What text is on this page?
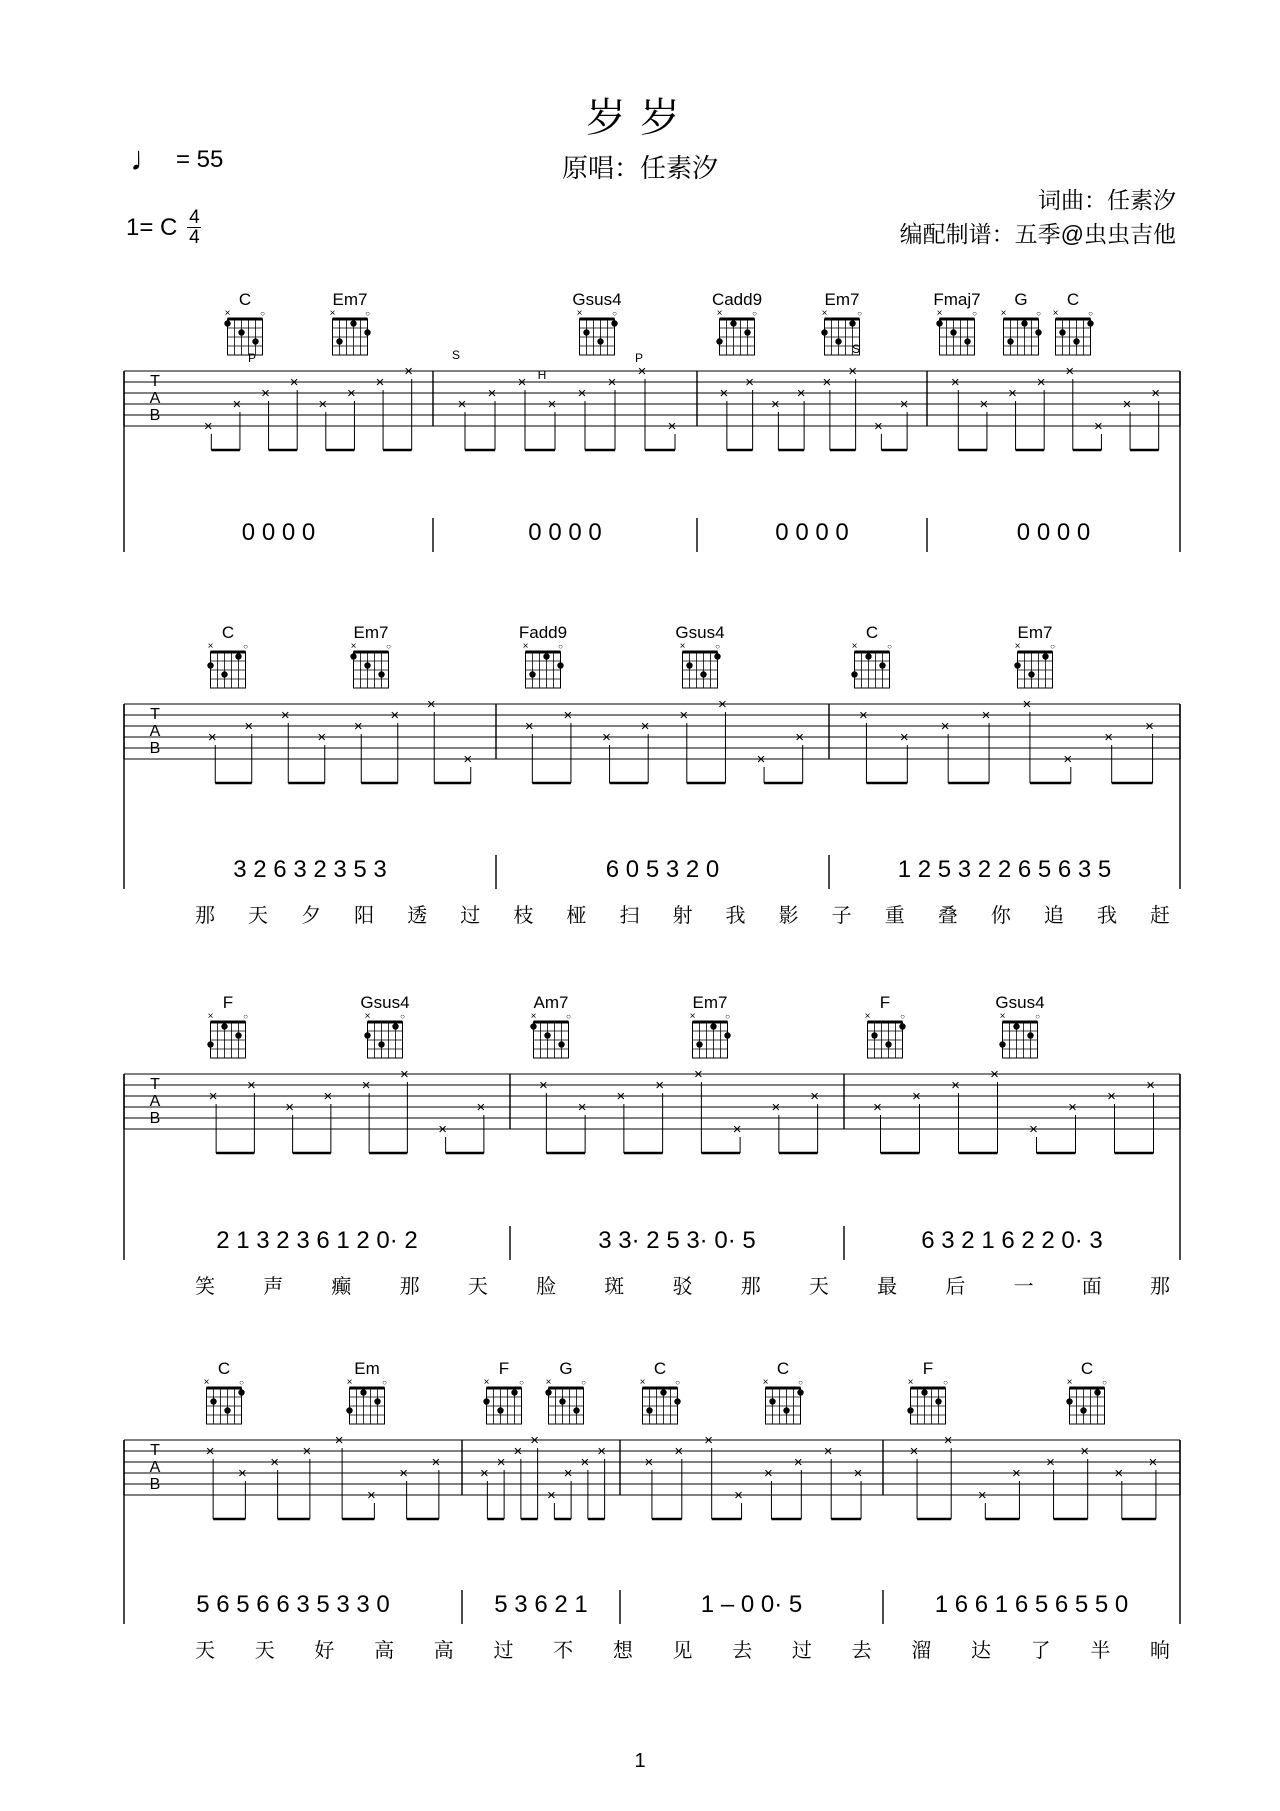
岁岁
原唱：任素汐
♩ = 55
1= C $\frac{4}{4}$
词曲：任素汐
编配制谱：五季@虫虫吉他
C
×	○
Em7
×	○
Gsus4
×	○
Cadd9
×	○
Em7
×	○
Fmaj7
×	○
G
×	○
C
×	○
T
A
B
×
×
×
×
×
×
×
×
×
×
×
×
×
×
×
×
×
×
×
×
×
×
×
×
×
×
×
×
×
×
×
×
P	S
H
P
S
0 0 0 0	0 0 0 0	0 0 0 0	0 0 0 0
C
×	○
Em7
×	○
Fadd9
×	○
Gsus4
×	○
C
×	○
Em7
×	○
T
A
B
×
×
×
×
×
×
×
×
×
×
×
×
×
×
×
×
×
×
×
×
×
×
×
×
3 2 6 3 2 3 5 3	6 0 5 3 2 0	1 2 5 3 2 2 6 5 6 3 5
那 天 夕 阳 透 过 枝 桠 扫 射 我 影 子 重 叠 你 追 我 赶
F
×	○
Gsus4
×	○
Am7
×	○
Em7
×	○
F
×	○
Gsus4
×	○
T
A
B
×
×
×
×
×
×
×
×
×
×
×
×
×
×
×
×
×
×
×
×
×
×
×
×
2 1 3 2 3 6 1 2 0· 2	3 3· 2 5 3· 0· 5	6 3 2 1 6 2 2 0· 3
笑 声 癫 那 天 脸 斑 驳 那 天 最 后 一 面 那
C
×	○
Em
×	○
F
×	○
G
×	○
C
×	○
C
×	○
F
×	○
C
×	○
T
A
B
×
×
×
×
×
×
×
×
×
×
×
×
×
×
×
×
×
×
×
×
×
×
×
×
×
×
×
×
×
×
×
×
5 6 5 6 6 3 5 3 3 0	5 3 6 2 1	1 – 0 0· 5	1 6 6 1 6 5 6 5 5 0
天 天 好 高 高 过 不 想 见 去 过 去 溜 达 了 半 晌
1
